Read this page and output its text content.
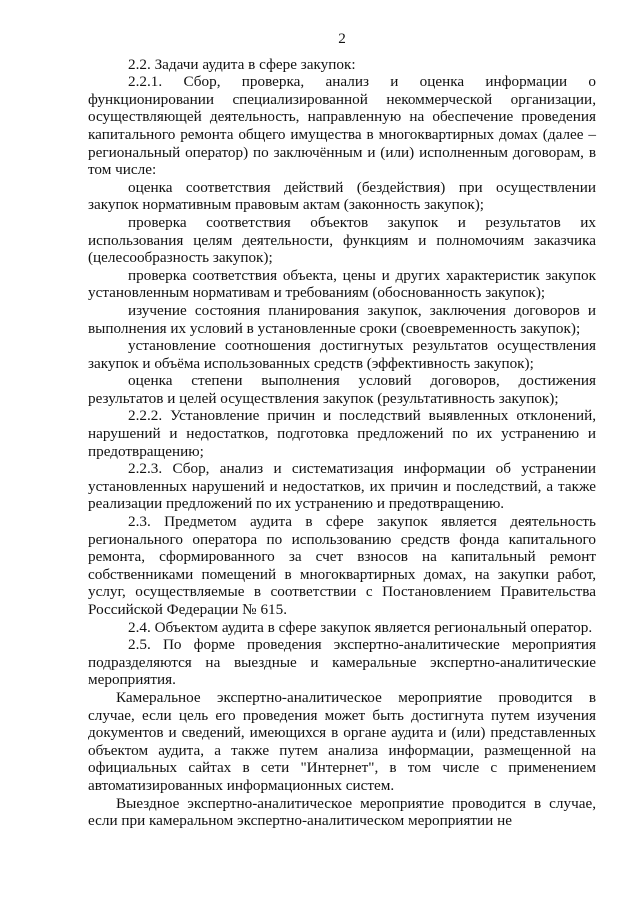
2

2.2. Задачи аудита в сфере закупок:

2.2.1. Сбор, проверка, анализ и оценка информации о функционировании специализированной некоммерческой организации, осуществляющей деятельность, направленную на обеспечение проведения капитального ремонта общего имущества в многоквартирных домах (далее – региональный оператор) по заключённым и (или) исполненным договорам, в том числе:

оценка соответствия действий (бездействия) при осуществлении закупок нормативным правовым актам (законность закупок);

проверка соответствия объектов закупок и результатов их использования целям деятельности, функциям и полномочиям заказчика (целесообразность закупок);

проверка соответствия объекта, цены и других характеристик закупок установленным нормативам и требованиям (обоснованность закупок);

изучение состояния планирования закупок, заключения договоров и выполнения их условий в установленные сроки (своевременность закупок);

установление соотношения достигнутых результатов осуществления закупок и объёма использованных средств (эффективность закупок);

оценка степени выполнения условий договоров, достижения результатов и целей осуществления закупок (результативность закупок);

2.2.2. Установление причин и последствий выявленных отклонений, нарушений и недостатков, подготовка предложений по их устранению и предотвращению;

2.2.3. Сбор, анализ и систематизация информации об устранении установленных нарушений и недостатков, их причин и последствий, а также реализации предложений по их устранению и предотвращению.

2.3. Предметом аудита в сфере закупок является деятельность регионального оператора по использованию средств фонда капитального ремонта, сформированного за счет взносов на капитальный ремонт собственниками помещений в многоквартирных домах, на закупки работ, услуг, осуществляемые в соответствии с Постановлением Правительства Российской Федерации № 615.

2.4. Объектом аудита в сфере закупок является региональный оператор.

2.5. По форме проведения экспертно-аналитические мероприятия подразделяются на выездные и камеральные экспертно-аналитические мероприятия.

Камеральное экспертно-аналитическое мероприятие проводится в случае, если цель его проведения может быть достигнута путем изучения документов и сведений, имеющихся в органе аудита и (или) представленных объектом аудита, а также путем анализа информации, размещенной на официальных сайтах в сети "Интернет", в том числе с применением автоматизированных информационных систем.

Выездное экспертно-аналитическое мероприятие проводится в случае, если при камеральном экспертно-аналитическом мероприятии не
